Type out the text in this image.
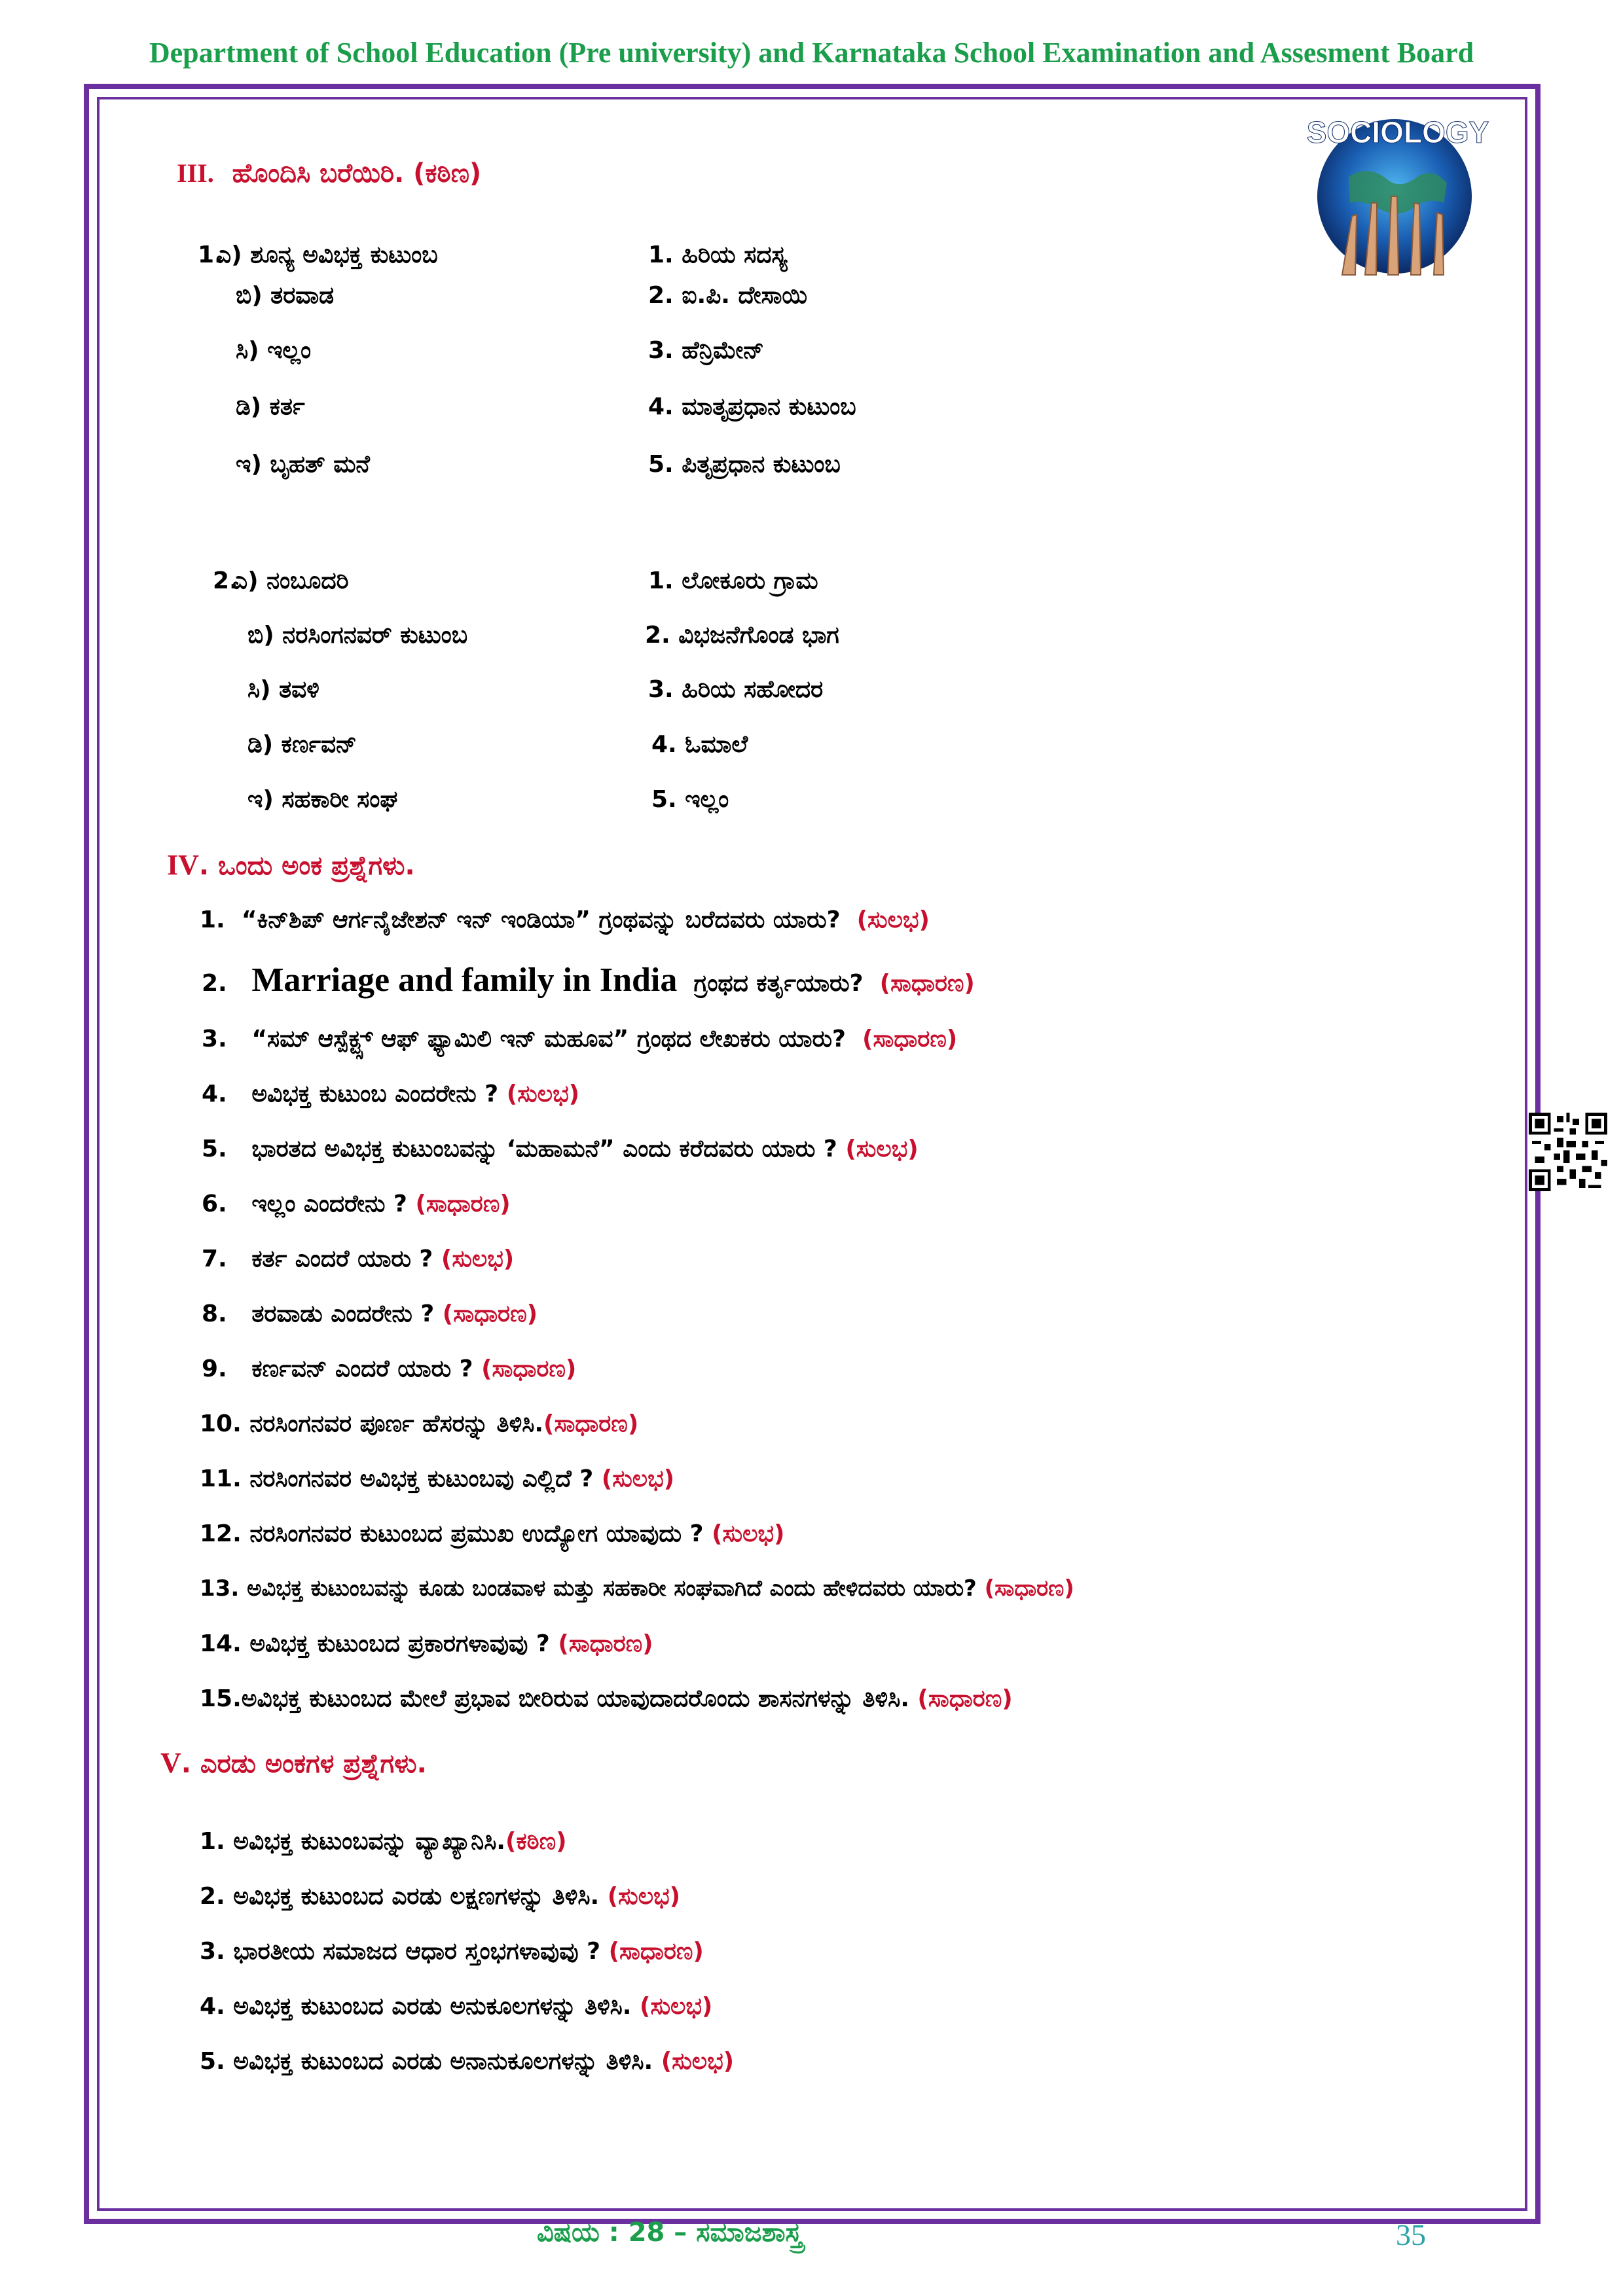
Department of School Education (Pre university) and Karnataka School Examination and Assesment Board
SOCIOLOGY
III. ಹೊಂದಿಸಿ ಬರೆಯಿರಿ. (ಕಠಿಣ)
1.
ಎ) ಶೂನ್ಯ ಅವಿಭಕ್ತ ಕುಟುಂಬ
ಬಿ) ತರವಾಡ
ಸಿ) ಇಲ್ಲಂ
ಡಿ) ಕರ್ತ
ಇ) ಬೃಹತ್ ಮನೆ
1. ಹಿರಿಯ ಸದಸ್ಯ
2. ಐ.ಪಿ. ದೇಸಾಯಿ
3. ಹೆನ್ರಿಮೇನ್
4. ಮಾತೃಪ್ರಧಾನ ಕುಟುಂಬ
5. ಪಿತೃಪ್ರಧಾನ ಕುಟುಂಬ
2.
ಎ) ನಂಬೂದರಿ
ಬಿ) ನರಸಿಂಗನವರ್ ಕುಟುಂಬ
ಸಿ) ತವಳಿ
ಡಿ) ಕರ್ಣವನ್
ಇ) ಸಹಕಾರೀ ಸಂಘ
1. ಲೋಕೂರು ಗ್ರಾಮ
2. ವಿಭಜನೆಗೊಂಡ ಭಾಗ
3. ಹಿರಿಯ ಸಹೋದರ
4. ಓಮಾಲೆ
5. ಇಲ್ಲಂ
IV. ಒಂದು ಅಂಕ ಪ್ರಶ್ನೆಗಳು.
1. “ಕಿನ್‌ಶಿಪ್ ಆರ್ಗನೈಜೇಶನ್ ಇನ್ ಇಂಡಿಯಾ” ಗ್ರಂಥವನ್ನು ಬರೆದವರು ಯಾರು? (ಸುಲಭ)
2. Marriage and family in India ಗ್ರಂಥದ ಕರ್ತೃಯಾರು? (ಸಾಧಾರಣ)
3. “ಸಮ್ ಆಸ್ಪೆಕ್ಟ್ಸ್ ಆಫ್ ಫ್ಯಾಮಿಲಿ ಇನ್ ಮಹೂವ” ಗ್ರಂಥದ ಲೇಖಕರು ಯಾರು? (ಸಾಧಾರಣ)
4. ಅವಿಭಕ್ತ ಕುಟುಂಬ ಎಂದರೇನು ? (ಸುಲಭ)
5. ಭಾರತದ ಅವಿಭಕ್ತ ಕುಟುಂಬವನ್ನು ‘ಮಹಾಮನೆ” ಎಂದು ಕರೆದವರು ಯಾರು ? (ಸುಲಭ)
6. ಇಲ್ಲಂ ಎಂದರೇನು ? (ಸಾಧಾರಣ)
7. ಕರ್ತ ಎಂದರೆ ಯಾರು ? (ಸುಲಭ)
8. ತರವಾಡು ಎಂದರೇನು ? (ಸಾಧಾರಣ)
9. ಕರ್ಣವನ್ ಎಂದರೆ ಯಾರು ? (ಸಾಧಾರಣ)
10. ನರಸಿಂಗನವರ ಪೂರ್ಣ ಹೆಸರನ್ನು ತಿಳಿಸಿ.(ಸಾಧಾರಣ)
11. ನರಸಿಂಗನವರ ಅವಿಭಕ್ತ ಕುಟುಂಬವು ಎಲ್ಲಿದೆ ? (ಸುಲಭ)
12. ನರಸಿಂಗನವರ ಕುಟುಂಬದ ಪ್ರಮುಖ ಉದ್ಯೋಗ ಯಾವುದು ? (ಸುಲಭ)
13. ಅವಿಭಕ್ತ ಕುಟುಂಬವನ್ನು ಕೂಡು ಬಂಡವಾಳ ಮತ್ತು ಸಹಕಾರೀ ಸಂಘವಾಗಿದೆ ಎಂದು ಹೇಳಿದವರು ಯಾರು? (ಸಾಧಾರಣ)
14. ಅವಿಭಕ್ತ ಕುಟುಂಬದ ಪ್ರಕಾರಗಳಾವುವು ? (ಸಾಧಾರಣ)
15.ಅವಿಭಕ್ತ ಕುಟುಂಬದ ಮೇಲೆ ಪ್ರಭಾವ ಬೀರಿರುವ ಯಾವುದಾದರೊಂದು ಶಾಸನಗಳನ್ನು ತಿಳಿಸಿ. (ಸಾಧಾರಣ)
V. ಎರಡು ಅಂಕಗಳ ಪ್ರಶ್ನೆಗಳು.
1. ಅವಿಭಕ್ತ ಕುಟುಂಬವನ್ನು ವ್ಯಾಖ್ಯಾನಿಸಿ.(ಕಠಿಣ)
2. ಅವಿಭಕ್ತ ಕುಟುಂಬದ ಎರಡು ಲಕ್ಷಣಗಳನ್ನು ತಿಳಿಸಿ. (ಸುಲಭ)
3. ಭಾರತೀಯ ಸಮಾಜದ ಆಧಾರ ಸ್ತಂಭಗಳಾವುವು ? (ಸಾಧಾರಣ)
4. ಅವಿಭಕ್ತ ಕುಟುಂಬದ ಎರಡು ಅನುಕೂಲಗಳನ್ನು ತಿಳಿಸಿ. (ಸುಲಭ)
5. ಅವಿಭಕ್ತ ಕುಟುಂಬದ ಎರಡು ಅನಾನುಕೂಲಗಳನ್ನು ತಿಳಿಸಿ. (ಸುಲಭ)
ವಿಷಯ : 28 – ಸಮಾಜಶಾಸ್ತ್ರ	35
